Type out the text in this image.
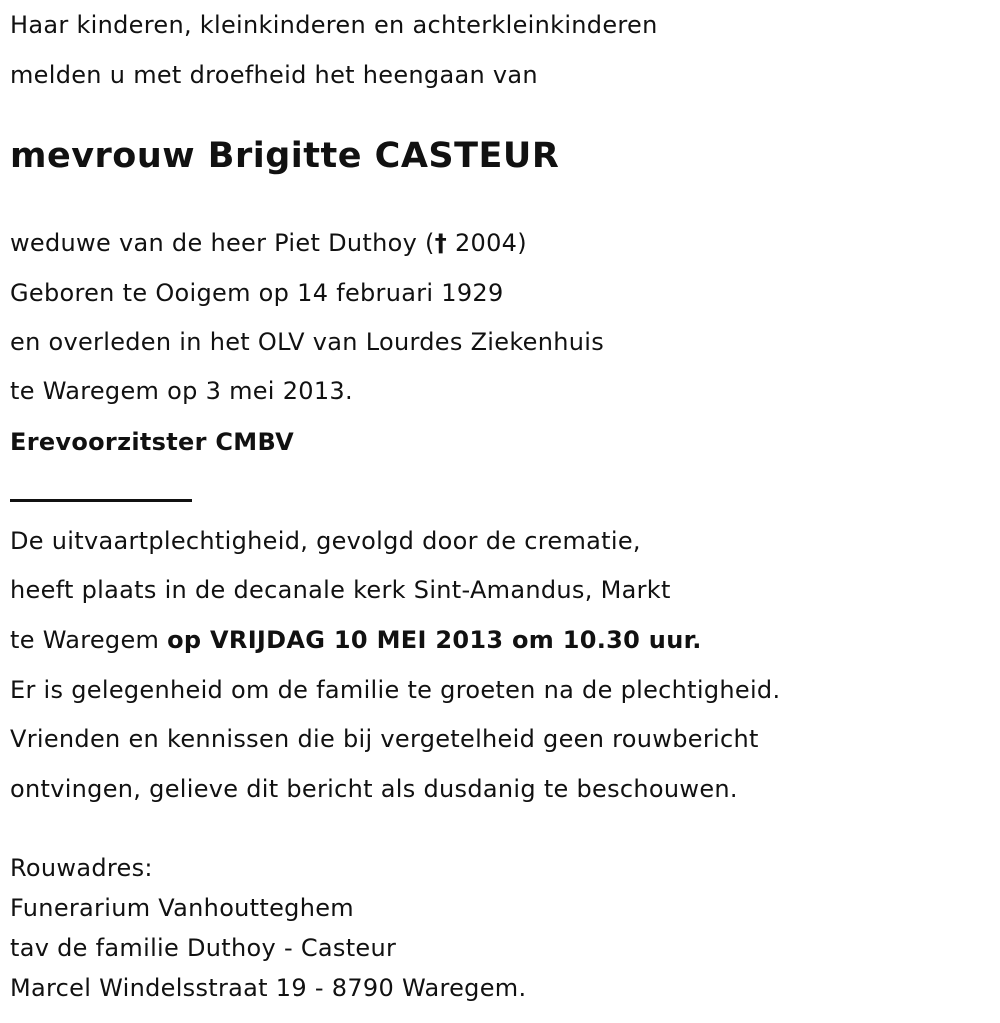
Haar kinderen, kleinkinderen en achterkleinkinderen
melden u met droefheid het heengaan van
mevrouw Brigitte CASTEUR
weduwe van de heer Piet Duthoy († 2004)
Geboren te Ooigem op 14 februari 1929
en overleden in het OLV van Lourdes Ziekenhuis
te Waregem op 3 mei 2013.
Erevoorzitster CMBV
De uitvaartplechtigheid, gevolgd door de crematie,
heeft plaats in de decanale kerk Sint-Amandus, Markt
te Waregem op VRIJDAG 10 MEI 2013 om 10.30 uur.
Er is gelegenheid om de familie te groeten na de plechtigheid.
Vrienden en kennissen die bij vergetelheid geen rouwbericht
ontvingen, gelieve dit bericht als dusdanig te beschouwen.
Rouwadres:
Funerarium Vanhoutteghem
tav de familie Duthoy - Casteur
Marcel Windelsstraat 19 - 8790 Waregem.
